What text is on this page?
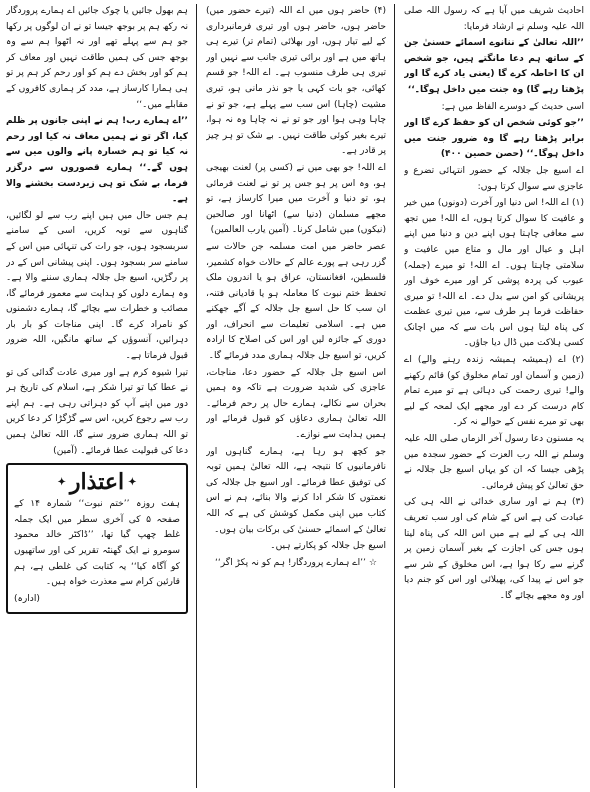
احادیث شریف میں آیا ہے کہ رسول اللہ صلی اللہ علیہ وسلم نے ارشاد فرمایا:

’’اللہ تعالیٰ کے ننانوے اسمائے حسنیٰ جن کے ساتھ ہم دعا مانگتے ہیں، جو شخص ان کا احاطہ کرے گا (یعنی یاد کرے گا اور پڑھتا رہے گا) وہ جنت میں داخل ہوگا۔‘‘

اسی حدیث کے دوسرے الفاظ میں ہے:

’’جو کوئی شخص ان کو حفظ کرے گا اور برابر پڑھتا رہے گا وہ ضرور جنت میں داخل ہوگا۔‘‘ (حصن حصین ۴۰۰)

اے اسیع جل جلالہ کے حضور انتہائی تضرع و عاجزی سے سوال کرتا ہوں:

(۱) اے اللہ! اس دنیا اور آخرت (دونوں) میں خیر و عافیت کا سوال کرتا ہوں، اے اللہ! میں تجھ سے معافی چاہتا ہوں اپنے دین و دنیا میں اپنے اہل و عیال اور مال و متاع میں عافیت و سلامتی چاہتا ہوں۔ اے اللہ! تو میرے (جملہ) عیوب کی پردہ پوشی کر اور میرے خوف اور پریشانی کو امن سے بدل دے۔ اے اللہ! تو میری حفاظت فرما ہر طرف سے، میں تیری عظمت کی پناہ لیتا ہوں اس بات سے کہ میں اچانک کسی ہلاکت میں ڈال دیا جاؤں۔

(۲) اے (ہمیشہ ہمیشہ زندہ رہنے والے) اے (زمین و آسمان اور تمام مخلوق کو) قائم رکھنے والے! تیری رحمت کی دہائی ہے تو میرے تمام کام درست کر دے اور مجھے ایک لمحہ کے لیے بھی تو میرے نفس کے حوالے نہ کر۔

یہ مسنون دعا رسول آخر الزماں صلی اللہ علیہ وسلم نے اللہ رب العزت کے حضور سجدہ میں پڑھی جیسا کہ ان کو یہاں اسیع جل جلالہ نے حق تعالیٰ کو پیش فرمائی۔

(۳) ہم نے اور ساری خدائی نے اللہ ہی کی عبادت کی ہے اس کے شام کی اور سب تعریف اللہ ہی کے لیے ہے میں اس اللہ کی پناہ لیتا ہوں جس کی اجازت کے بغیر آسمان زمین پر گرنے سے رکا ہوا ہے، اس مخلوق کے شر سے جو اس نے پیدا کی، پھیلائی اور اس کو جنم دیا اور وہ مجھے بچائے گا۔

(۴) حاضر ہوں میں اے اللہ (تیرے حضور میں) حاضر ہوں، حاضر ہوں اور تیری فرمانبرداری کے لیے تیار ہوں، اور بھلائی (تمام تر) تیرے ہی ہاتھ میں ہے اور برائی تیری جانب سے نہیں اور تیری ہی طرف منسوب ہے۔ اے اللہ! جو قسم کھائی، جو بات کہی یا جو نذر مانی ہو، تیری مشیت (چاہا) اس سب سے پہلے ہے، جو تو نے چاہا وہی ہوا اور جو تو نے نہ چاہا وہ نہ ہوا، تیرے بغیر کوئی طاقت نہیں۔ بے شک تو ہر چیز پر قادر ہے۔

اے اللہ! جو بھی میں نے (کسی پر) لعنت بھیجی ہو، وہ اس پر ہو جس پر تو نے لعنت فرمائی ہو، تو دنیا و آخرت میں میرا کارساز ہے، تو مجھے مسلمان (دنیا سے) اٹھانا اور صالحین (نیکوں) میں شامل کرنا۔ (آمین یارب العالمین)

عصر حاضر میں امت مسلمہ جن حالات سے گزر رہی ہے پورے عالم کے حالات خواہ کشمیر، فلسطین، افغانستان، عراق ہو یا اندرون ملک تحفظ ختم نبوت کا معاملہ ہو یا قادیانی فتنہ، ان سب کا حل اسیع جل جلالہ کے آگے جھکنے میں ہے۔ اسلامی تعلیمات سے انحراف، اور دوری کے جائزہ لیں اور اس کی اصلاح کا ارادہ کریں، تو اسیع جل جلالہ ہماری مدد فرمائے گا۔

اس اسیع جل جلالہ کے حضور دعا، مناجات، عاجزی کی شدید ضرورت ہے تاکہ وہ ہمیں بحران سے نکالے، ہمارے حال پر رحم فرمائے۔ اللہ تعالیٰ ہماری دعاؤں کو قبول فرمائے اور ہمیں ہدایت سے نوازے۔

جو کچھ ہو رہا ہے، ہمارے گناہوں اور نافرمانیوں کا نتیجہ ہے، اللہ تعالیٰ ہمیں توبہ کی توفیق عطا فرمائے۔ اور اسیع جل جلالہ کی نعمتوں کا شکر ادا کرنے والا بنائے، ہم نے اس کتاب میں اپنی مکمل کوشش کی ہے کہ اللہ تعالیٰ کے اسمائے حسنیٰ کی برکات بیان ہوں۔

اسیع جل جلالہ کو پکارتے ہیں۔

☆ ’’اے ہمارے پروردگار! ہم کو نہ پکڑ اگر‘‘

ہم بھول جائیں یا چوک جائیں اے ہمارے پروردگار نہ رکھ ہم پر بوجھ جیسا تو نے ان لوگوں پر رکھا جو ہم سے پہلے تھے اور نہ اٹھوا ہم سے وہ بوجھ جس کی ہمیں طاقت نہیں اور معاف کر ہم کو اور بخش دے ہم کو اور رحم کر ہم پر تو ہی ہمارا کارساز ہے، مدد کر ہماری کافروں کے مقابلے میں۔‘‘

’’اے ہمارے رب! ہم نے اپنی جانوں پر ظلم کیا، اگر تو نے ہمیں معاف نہ کیا اور رحم نہ کیا تو ہم خسارہ پانے والوں میں سے ہوں گے۔‘‘ ہمارے قصوروں سے درگزر فرما، بے شک تو ہی زبردست بخشنے والا ہے۔

ہم جس حال میں ہیں اپنے رب سے لو لگائیں، گناہوں سے توبہ کریں، اسی کے سامنے سربسجود ہوں، جو رات کی تنہائی میں اس کے سامنے سر بسجود ہوں۔ اپنی پیشانی اس کے در پر رگڑیں، اسیع جل جلالہ ہماری سننے والا ہے۔ وہ ہمارے دلوں کو ہدایت سے معمور فرمائے گا، مصائب و خطرات سے بچائے گا، ہمارے دشمنوں کو نامراد کرے گا۔ اپنی مناجات کو بار بار دہرائیں، آنسوؤں کے ساتھ مانگیں، اللہ ضرور قبول فرماتا ہے۔

تیرا شیوہ کرم ہے اور میری عادت گدائی کی تو نے عطا کیا تو تیرا شکر ہے، اسلام کی تاریخ ہر دور میں اپنے آپ کو دہراتی رہی ہے۔ ہم اپنے رب سے رجوع کریں، اس سے گڑگڑا کر دعا کریں تو اللہ ہماری ضرور سنے گا، اللہ تعالیٰ ہمیں دعا کی قبولیت عطا فرمائے۔ (آمین)

✦ اعتذار ✦

ہفت روزہ ’’ختم نبوت‘‘ شمارہ ۱۴ کے صفحہ ۵ کی آخری سطر میں ایک جملہ غلط چھپ گیا تھا، ’’ڈاکٹر خالد محمود سومرو نے ایک گھنٹہ تقریر کی اور ساتھیوں کو آگاہ کیا‘‘ یہ کتابت کی غلطی ہے، ہم قارئین کرام سے معذرت خواہ ہیں۔

(ادارہ)
